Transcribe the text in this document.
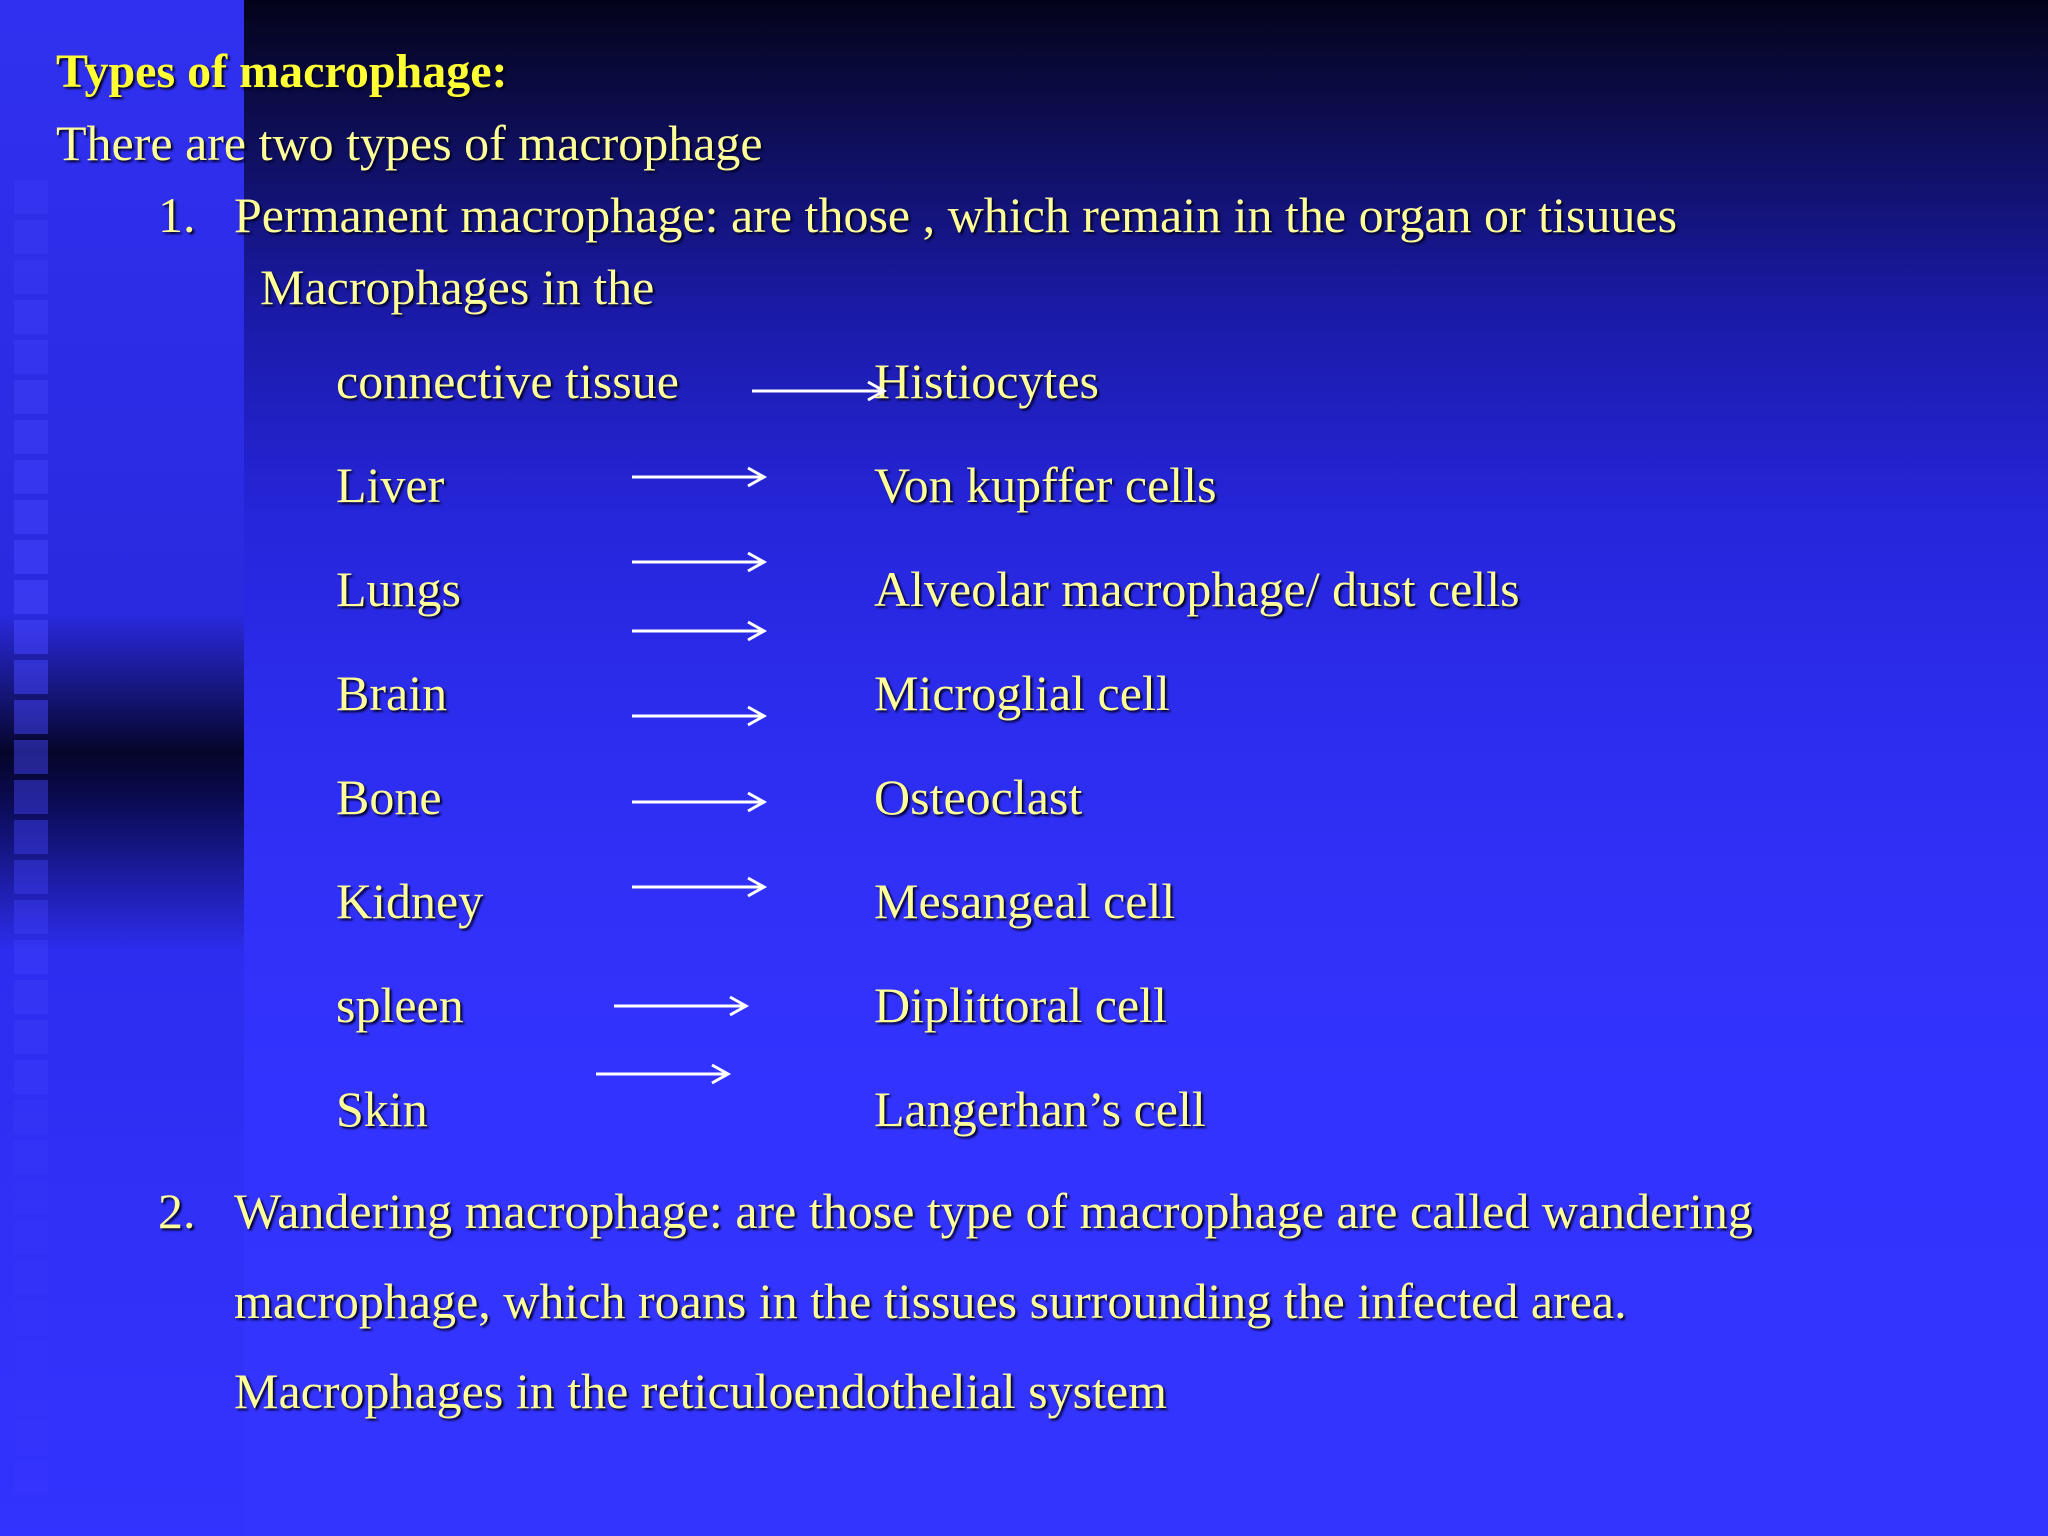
Types of macrophage:
There are two types of macrophage
1. Permanent macrophage: are those , which remain in the organ or tisuues
Macrophages in the
connective tissue	Histiocytes
Liver	Von kupffer cells
Lungs	Alveolar macrophage/ dust cells
Brain	Microglial cell
Bone	Osteoclast
Kidney	Mesangeal cell
spleen	Diplittoral cell
Skin	Langerhan’s cell
2. Wandering macrophage: are those type of macrophage are called wandering
macrophage, which roans in the tissues surrounding the infected area.
Macrophages in the reticuloendothelial system
